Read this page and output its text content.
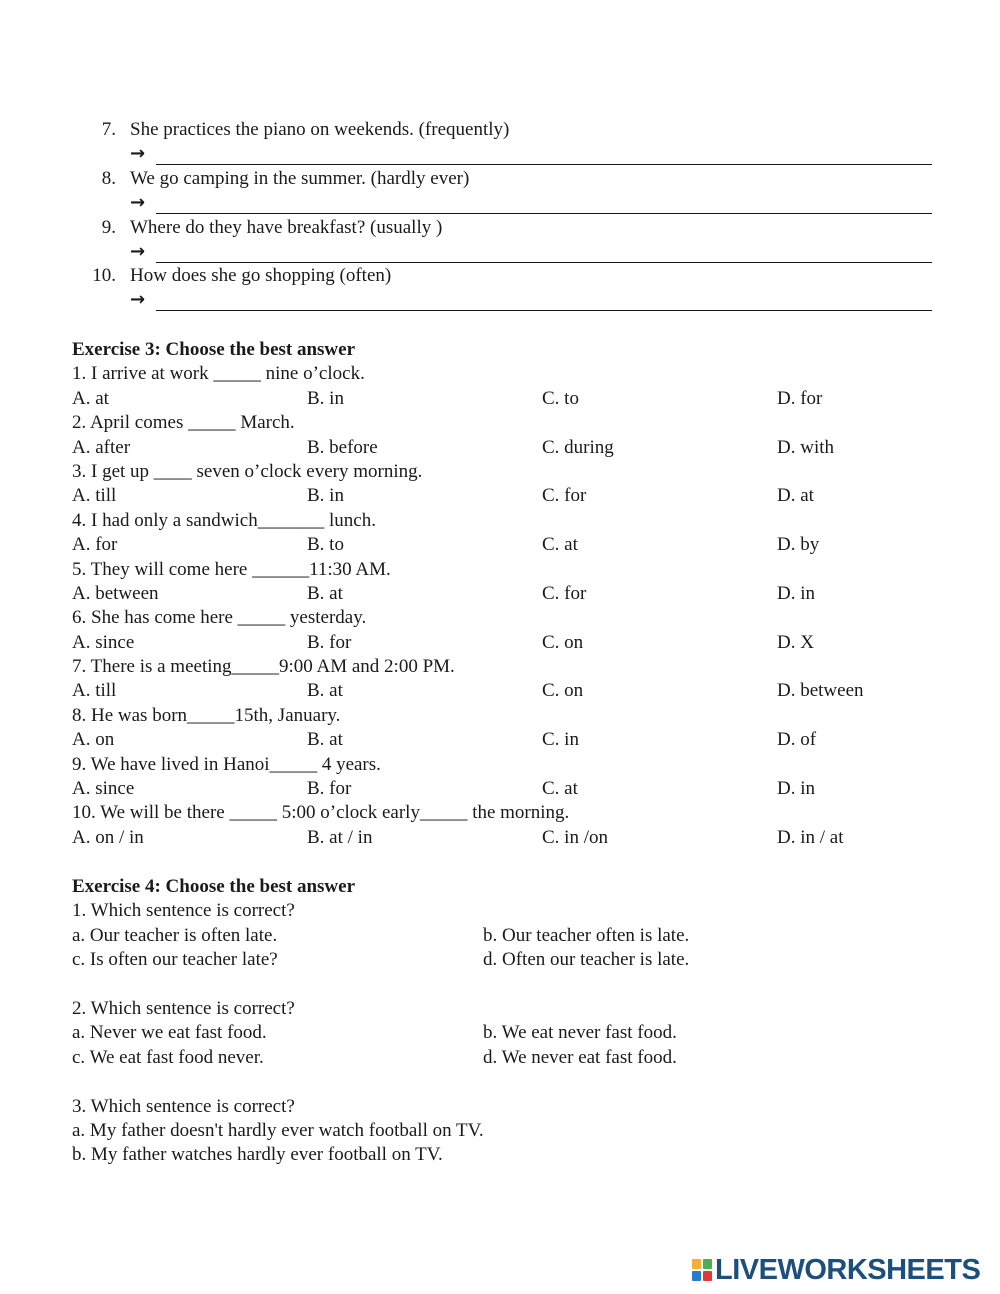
7. She practices the piano on weekends. (frequently)
→
8. We go camping in the summer. (hardly ever)
→
9. Where do they have breakfast? (usually )
→
10. How does she go shopping (often)
→
Exercise 3: Choose the best answer
1. I arrive at work _____ nine o’clock.
A. at	B. in	C. to	D. for
2. April comes _____ March.
A. after	B. before	C. during	D. with
3. I get up ____ seven o’clock every morning.
A. till	B. in	C. for	D. at
4. I had only a sandwich_______ lunch.
A. for	B. to	C. at	D. by
5. They will come here ______11:30 AM.
A. between	B. at	C. for	D. in
6. She has come here _____ yesterday.
A. since	B. for	C. on	D. X
7. There is a meeting_____9:00 AM and 2:00 PM.
A. till	B. at	C. on	D. between
8. He was born_____15th, January.
A. on	B. at	C. in	D. of
9. We have lived in Hanoi_____ 4 years.
A. since	B. for	C. at	D. in
10. We will be there _____ 5:00 o’clock early_____ the morning.
A. on / in	B. at / in	C. in /on	D. in / at
Exercise 4: Choose the best answer
1. Which sentence is correct?
a. Our teacher is often late.	b. Our teacher often is late.
c. Is often our teacher late?	d. Often our teacher is late.
2. Which sentence is correct?
a. Never we eat fast food.	b. We eat never fast food.
c. We eat fast food never.	d. We never eat fast food.
3. Which sentence is correct?
a. My father doesn't hardly ever watch football on TV.
b. My father watches hardly ever football on TV.
LIVEWORKSHEETS
